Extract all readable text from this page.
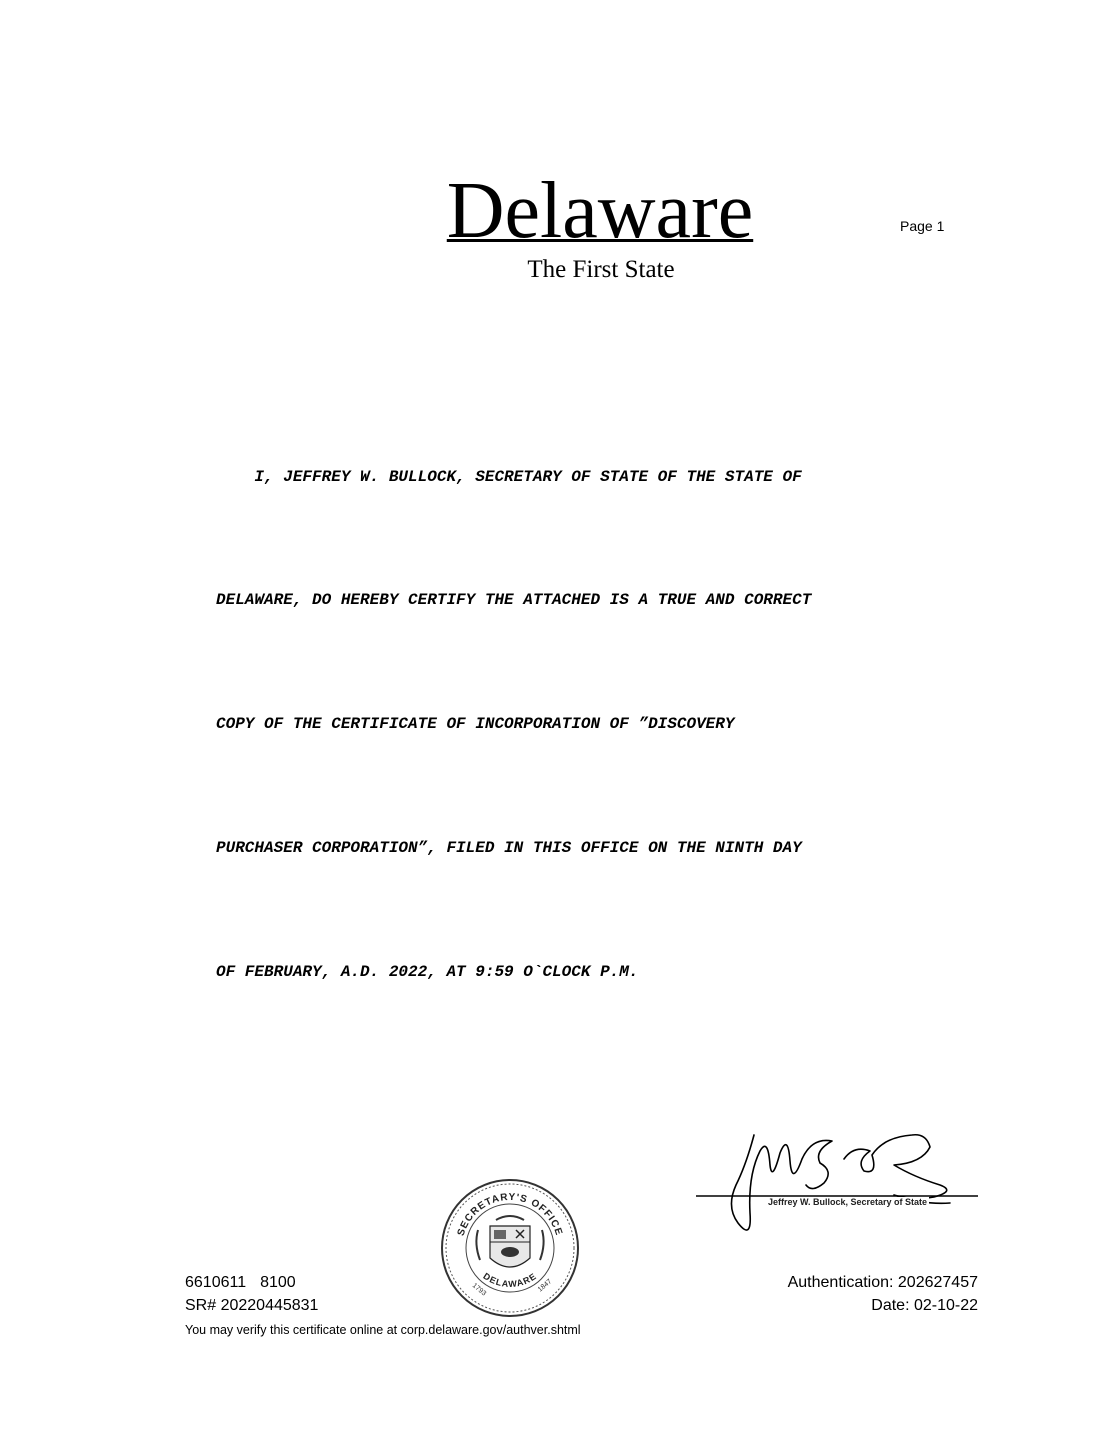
Delaware
The First State
Page 1

I, JEFFREY W. BULLOCK, SECRETARY OF STATE OF THE STATE OF

DELAWARE, DO HEREBY CERTIFY THE ATTACHED IS A TRUE AND CORRECT

COPY OF THE CERTIFICATE OF INCORPORATION OF ”DISCOVERY

PURCHASER CORPORATION”, FILED IN THIS OFFICE ON THE NINTH DAY

OF FEBRUARY, A.D. 2022, AT 9:59 O`CLOCK P.M.

SECRETARY'S OFFICE
DELAWARE
1793	1847
Jeffrey W. Bullock, Secretary of State
6610611 8100
SR# 20220445831
Authentication: 202627457
Date: 02-10-22
You may verify this certificate online at corp.delaware.gov/authver.shtml
